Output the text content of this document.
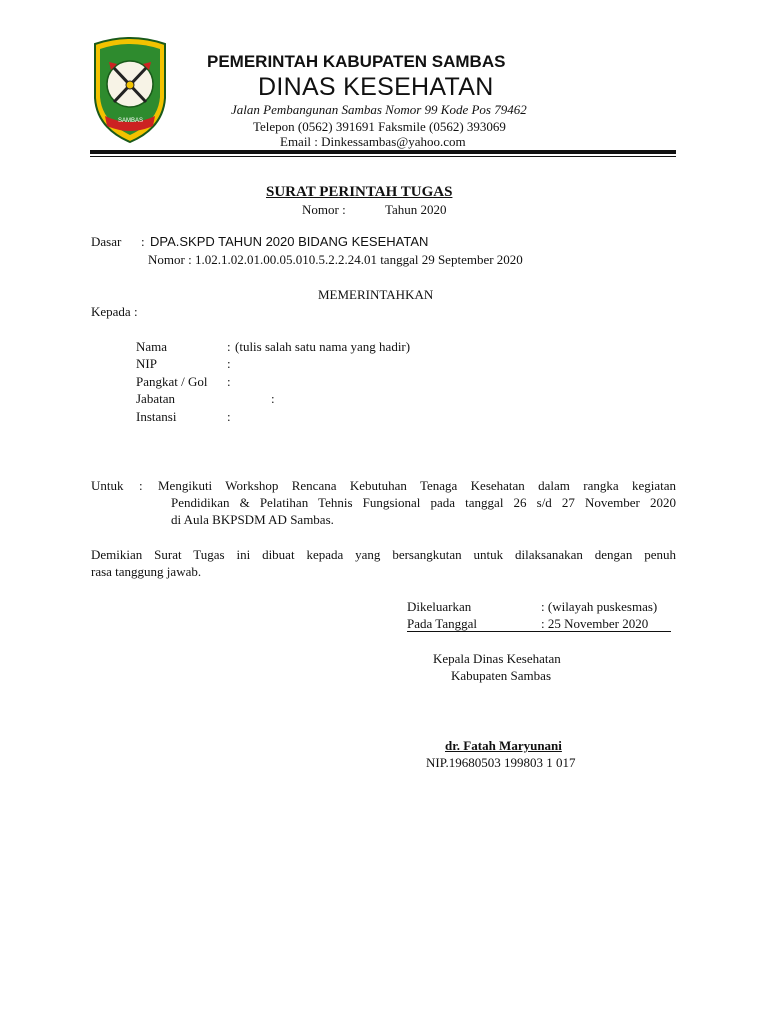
SAMBAS
PEMERINTAH KABUPATEN SAMBAS
DINAS KESEHATAN
Jalan Pembangunan Sambas Nomor 99 Kode Pos 79462
Telepon (0562) 391691 Faksmile (0562) 393069
Email : Dinkessambas@yahoo.com
SURAT PERINTAH TUGAS
Nomor :	Tahun 2020
Dasar : DPA.SKPD TAHUN 2020 BIDANG KESEHATAN
Nomor : 1.02.1.02.01.00.05.010.5.2.2.24.01 tanggal 29 September 2020
MEMERINTAHKAN
Kepada :
Nama	: (tulis salah satu nama yang hadir)
NIP	:
Pangkat / Gol :
Jabatan	:
Instansi	:
Untuk : Mengikuti Workshop Rencana Kebutuhan Tenaga Kesehatan dalam rangka kegiatan
Pendidikan & Pelatihan Tehnis Fungsional pada tanggal 26 s/d 27 November 2020
di Aula BKPSDM AD Sambas.
Demikian Surat Tugas ini dibuat kepada yang bersangkutan untuk dilaksanakan dengan penuh
rasa tanggung jawab.
Dikeluarkan	: (wilayah puskesmas)
Pada Tanggal	: 25 November 2020
Kepala Dinas Kesehatan
Kabupaten Sambas
dr. Fatah Maryunani
NIP.19680503 199803 1 017
